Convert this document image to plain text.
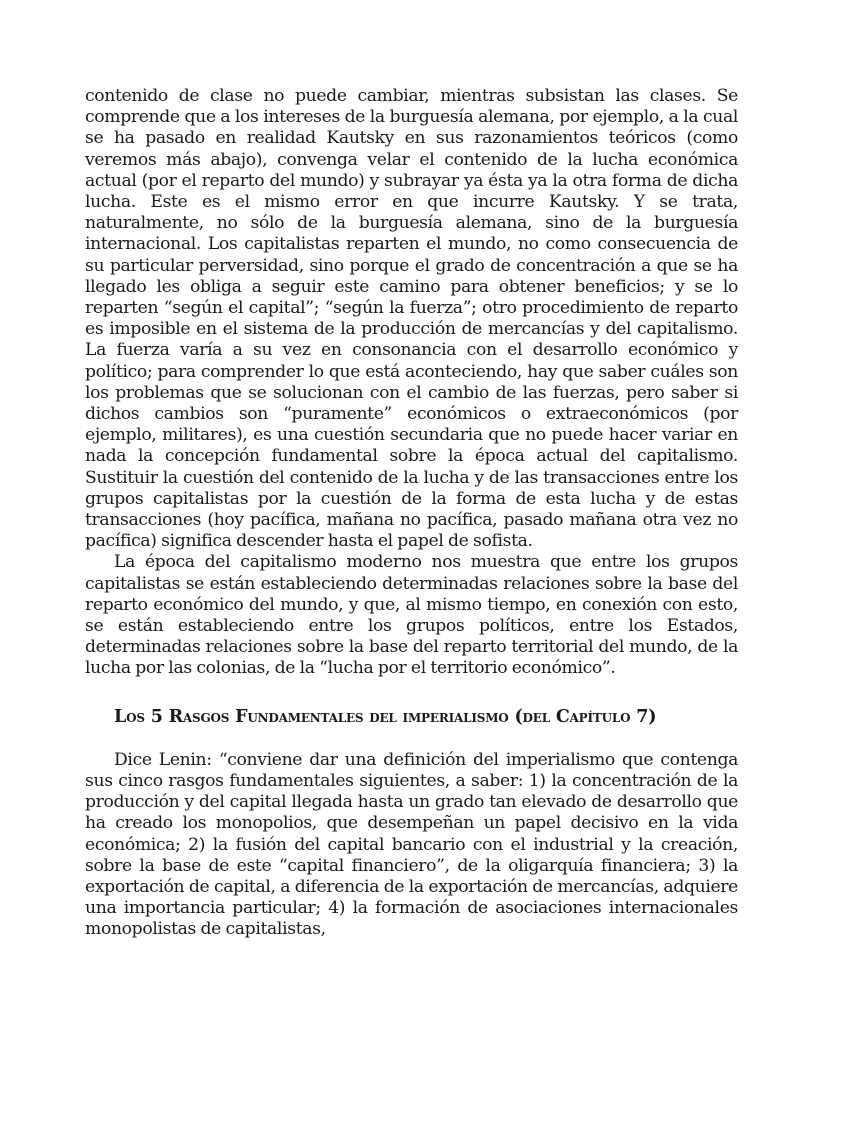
contenido de clase no puede cambiar, mientras subsistan las clases. Se comprende que a los intereses de la burguesía alemana, por ejemplo, a la cual se ha pasado en realidad Kautsky en sus razonamientos teóricos (como veremos más abajo), convenga velar el contenido de la lucha económica actual (por el reparto del mundo) y subrayar ya ésta ya la otra forma de dicha lucha. Este es el mismo error en que incurre Kautsky. Y se trata, naturalmente, no sólo de la burguesía alemana, sino de la burguesía internacional. Los capitalistas reparten el mundo, no como consecuencia de su particular perversidad, sino porque el grado de concentración a que se ha llegado les obliga a seguir este camino para obtener beneficios; y se lo reparten “según el capital”; “según la fuerza”; otro procedimiento de reparto es imposible en el sistema de la producción de mercancías y del capitalismo. La fuerza varía a su vez en consonancia con el desarrollo económico y político; para comprender lo que está aconteciendo, hay que saber cuáles son los problemas que se solucionan con el cambio de las fuerzas, pero saber si dichos cambios son “puramente” económicos o extraeconómicos (por ejemplo, militares), es una cuestión secundaria que no puede hacer variar en nada la concepción fundamental sobre la época actual del capitalismo. Sustituir la cuestión del contenido de la lucha y de las transacciones entre los grupos capitalistas por la cuestión de la forma de esta lucha y de estas transacciones (hoy pacífica, mañana no pacífica, pasado mañana otra vez no pacífica) significa descender hasta el papel de sofista.

La época del capitalismo moderno nos muestra que entre los grupos capitalistas se están estableciendo determinadas relaciones sobre la base del reparto económico del mundo, y que, al mismo tiempo, en conexión con esto, se están estableciendo entre los grupos políticos, entre los Estados, determinadas relaciones sobre la base del reparto territorial del mundo, de la lucha por las colonias, de la “lucha por el territorio económico”.

Los 5 Rasgos Fundamentales del imperialismo (del Capítulo 7)

Dice Lenin: “conviene dar una definición del imperialismo que contenga sus cinco rasgos fundamentales siguientes, a saber: 1) la concentración de la producción y del capital llegada hasta un grado tan elevado de desarrollo que ha creado los monopolios, que desempeñan un papel decisivo en la vida económica; 2) la fusión del capital bancario con el industrial y la creación, sobre la base de este “capital financiero”, de la oligarquía financiera; 3) la exportación de capital, a diferencia de la exportación de mercancías, adquiere una importancia particular; 4) la formación de asociaciones internacionales monopolistas de capitalistas,
